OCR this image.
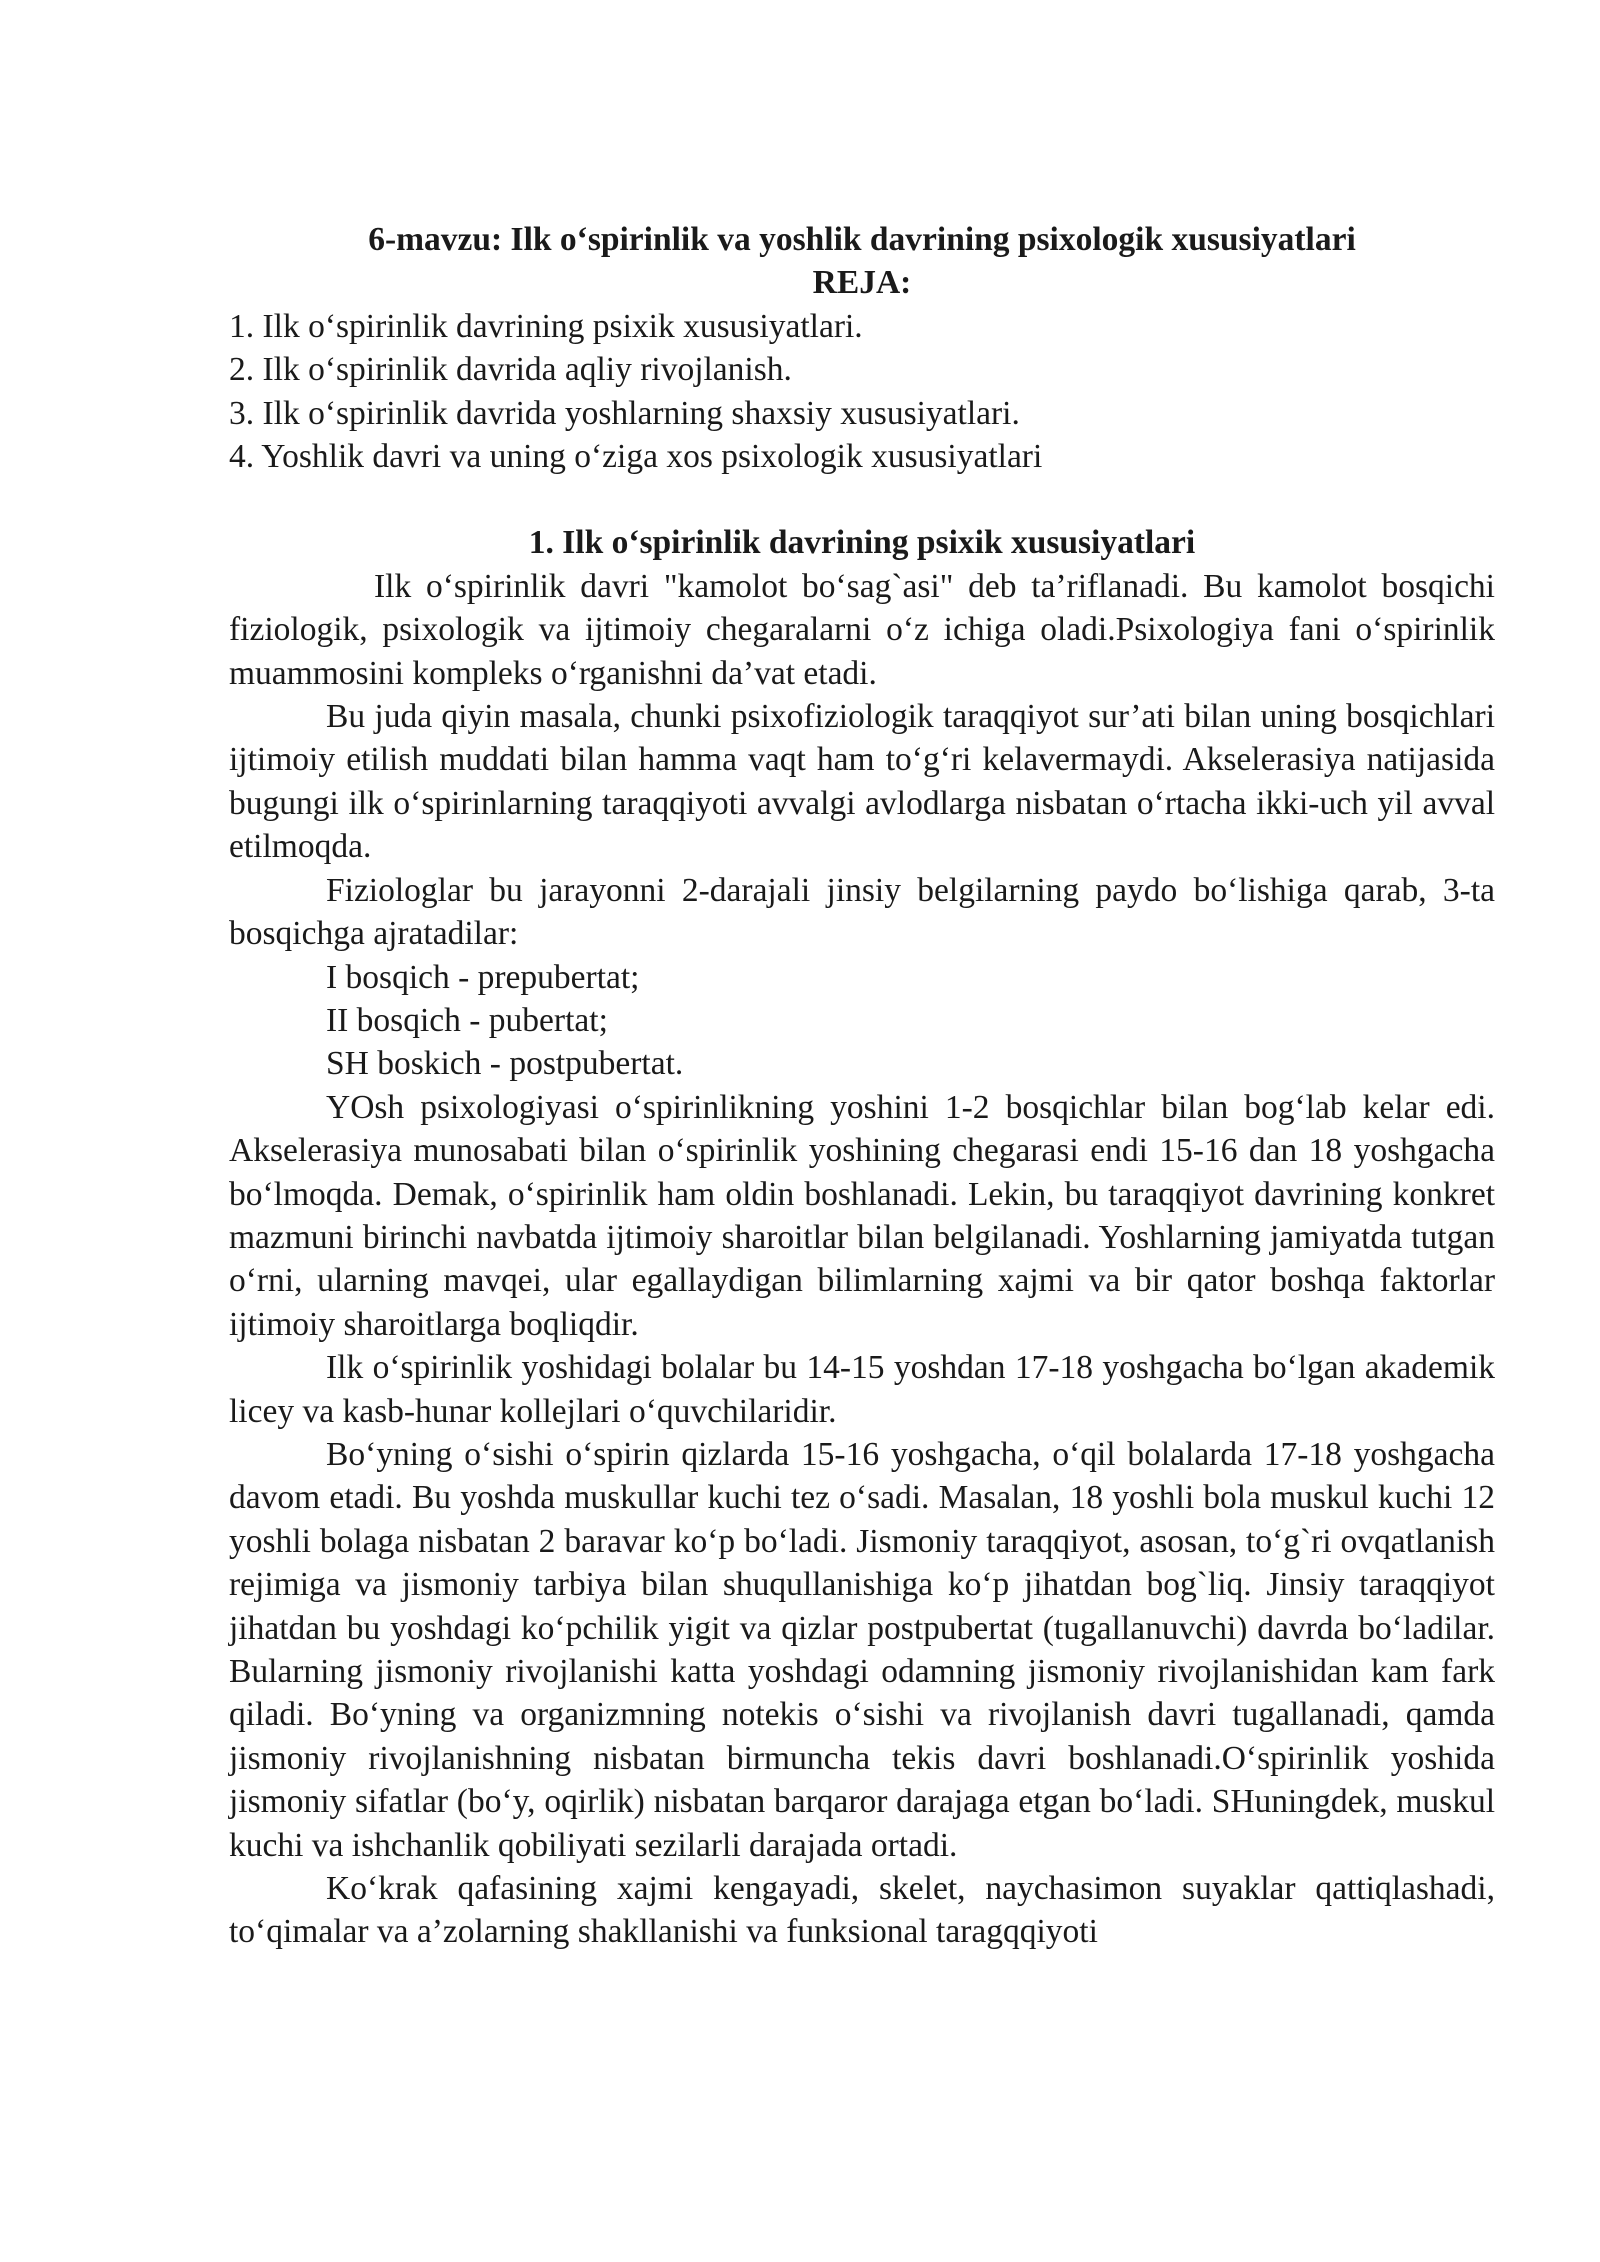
6-mavzu: Ilk o‘spirinlik va yoshlik davrining psixologik xususiyatlari

REJA:

1. Ilk o‘spirinlik davrining psixik xususiyatlari.

2. Ilk o‘spirinlik davrida aqliy rivojlanish.

3. Ilk o‘spirinlik davrida yoshlarning shaxsiy xususiyatlari.

4. Yoshlik davri va uning o‘ziga xos psixologik xususiyatlari

1. Ilk o‘spirinlik davrining psixik xususiyatlari

Ilk o‘spirinlik davri "kamolot bo‘sag`asi" deb ta’riflanadi. Bu kamolot bosqichi fiziologik, psixologik va ijtimoiy chegaralarni o‘z ichiga oladi.Psixologiya fani o‘spirinlik muammosini kompleks o‘rganishni da’vat etadi.

Bu juda qiyin masala, chunki psixofiziologik taraqqiyot sur’ati bilan uning bosqichlari ijtimoiy etilish muddati bilan hamma vaqt ham to‘g‘ri kelavermaydi. Akselerasiya natijasida bugungi ilk o‘spirinlarning taraqqiyoti avvalgi avlodlarga nisbatan o‘rtacha ikki-uch yil avval etilmoqda.

Fiziologlar bu jarayonni 2-darajali jinsiy belgilarning paydo bo‘lishiga qarab, 3-ta bosqichga ajratadilar:

I bosqich - prepubertat;

II bosqich - pubertat;

SH boskich - postpubertat.

YOsh psixologiyasi o‘spirinlikning yoshini 1-2 bosqichlar bilan bog‘lab kelar edi. Akselerasiya munosabati bilan o‘spirinlik yoshining chegarasi endi 15-16 dan 18 yoshgacha bo‘lmoqda. Demak, o‘spirinlik ham oldin boshlanadi. Lekin, bu taraqqiyot davrining konkret mazmuni birinchi navbatda ijtimoiy sharoitlar bilan belgilanadi. Yoshlarning jamiyatda tutgan o‘rni, ularning mavqei, ular egallaydigan bilimlarning xajmi va bir qator boshqa faktorlar ijtimoiy sharoitlarga boqliqdir.

Ilk o‘spirinlik yoshidagi bolalar bu 14-15 yoshdan 17-18 yoshgacha bo‘lgan akademik licey va kasb-hunar kollejlari o‘quvchilaridir.

Bo‘yning o‘sishi o‘spirin qizlarda 15-16 yoshgacha, o‘qil bolalarda 17-18 yoshgacha davom etadi. Bu yoshda muskullar kuchi tez o‘sadi. Masalan, 18 yoshli bola muskul kuchi 12 yoshli bolaga nisbatan 2 baravar ko‘p bo‘ladi. Jismoniy taraqqiyot, asosan, to‘g`ri ovqatlanish rejimiga va jismoniy tarbiya bilan shuqullanishiga ko‘p jihatdan bog`liq. Jinsiy taraqqiyot jihatdan bu yoshdagi ko‘pchilik yigit va qizlar postpubertat (tugallanuvchi) davrda bo‘ladilar. Bularning jismoniy rivojlanishi katta yoshdagi odamning jismoniy rivojlanishidan kam fark qiladi. Bo‘yning va organizmning notekis o‘sishi va rivojlanish davri tugallanadi, qamda jismoniy rivojlanishning nisbatan birmuncha tekis davri boshlanadi.O‘spirinlik yoshida jismoniy sifatlar (bo‘y, oqirlik) nisbatan barqaror darajaga etgan bo‘ladi. SHuningdek, muskul kuchi va ishchanlik qobiliyati sezilarli darajada ortadi.

Ko‘krak qafasining xajmi kengayadi, skelet, naychasimon suyaklar qattiqlashadi, to‘qimalar va a’zolarning shakllanishi va funksional taragqqiyoti
